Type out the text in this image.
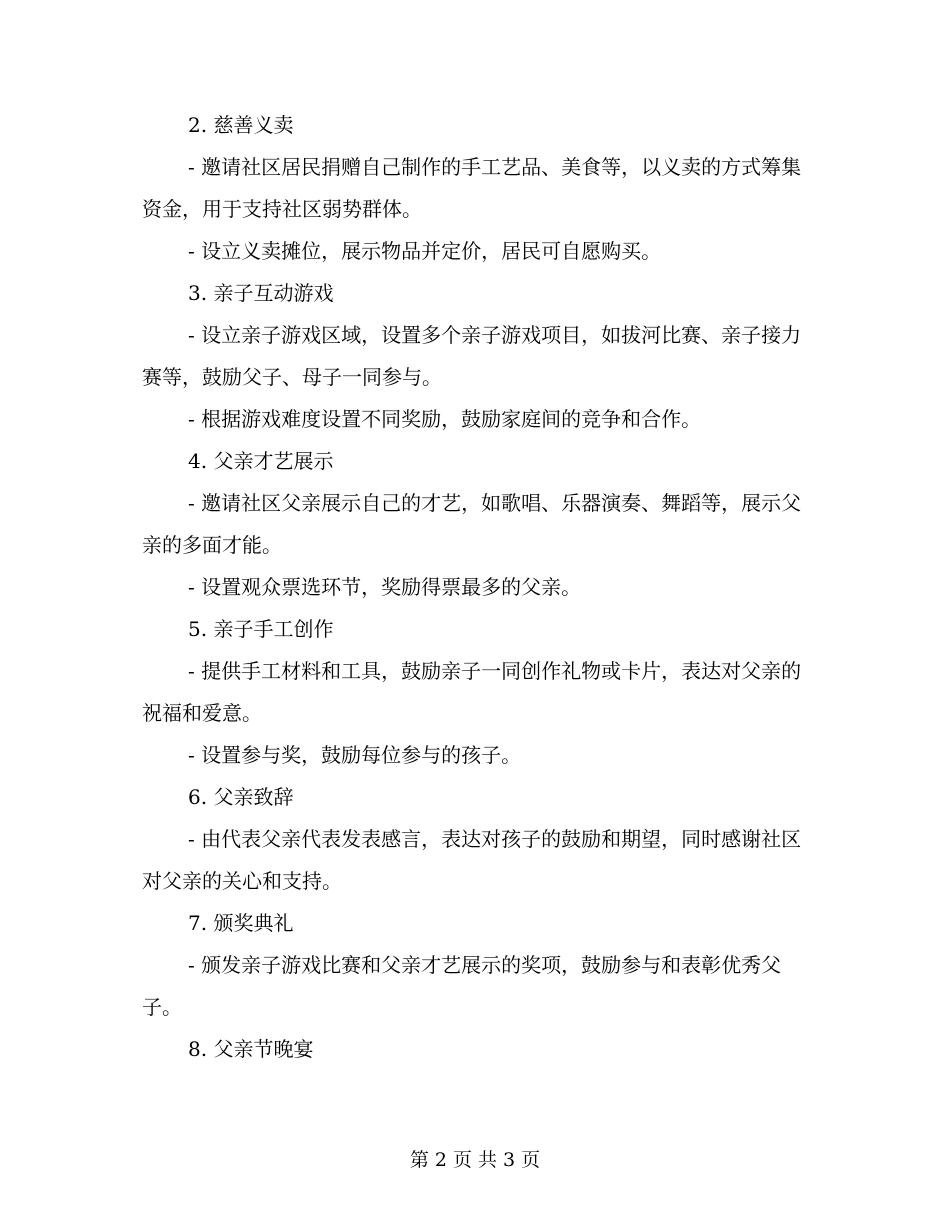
2. 慈善义卖

- 邀请社区居民捐赠自己制作的手工艺品、美食等，以义卖的方式筹集资金，用于支持社区弱势群体。

- 设立义卖摊位，展示物品并定价，居民可自愿购买。

3. 亲子互动游戏

- 设立亲子游戏区域，设置多个亲子游戏项目，如拔河比赛、亲子接力赛等，鼓励父子、母子一同参与。

- 根据游戏难度设置不同奖励，鼓励家庭间的竞争和合作。

4. 父亲才艺展示

- 邀请社区父亲展示自己的才艺，如歌唱、乐器演奏、舞蹈等，展示父亲的多面才能。

- 设置观众票选环节，奖励得票最多的父亲。

5. 亲子手工创作

- 提供手工材料和工具，鼓励亲子一同创作礼物或卡片，表达对父亲的祝福和爱意。

- 设置参与奖，鼓励每位参与的孩子。

6. 父亲致辞

- 由代表父亲代表发表感言，表达对孩子的鼓励和期望，同时感谢社区对父亲的关心和支持。

7. 颁奖典礼

- 颁发亲子游戏比赛和父亲才艺展示的奖项，鼓励参与和表彰优秀父子。

8. 父亲节晚宴

第 2 页 共 3 页
